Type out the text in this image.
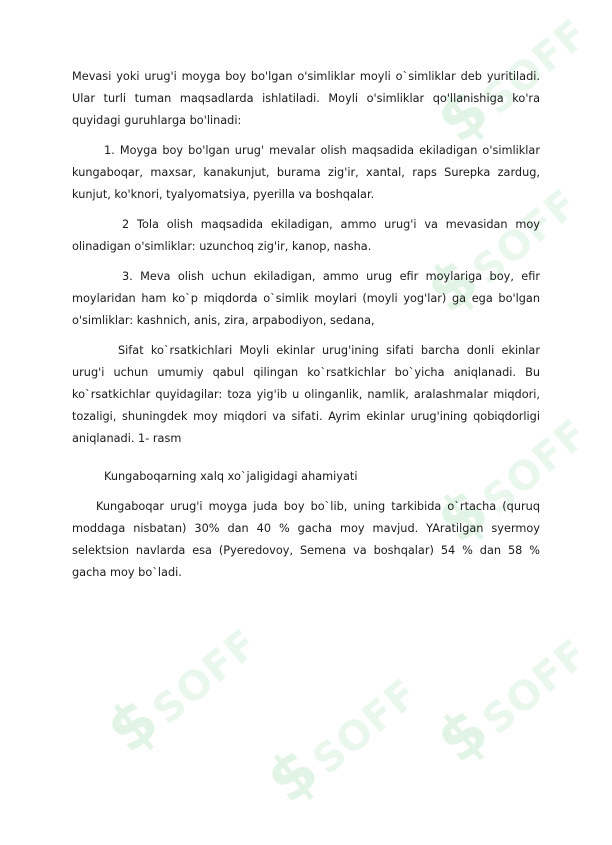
$
SOFF
$
SOFF
$
SOFF
$
SOFF
$
SOFF
$
SOFF

Mevasi yoki urug'i moyga boy bo'lgan o'simliklar moyli o`simliklar deb yuritiladi. Ular turli tuman maqsadlarda ishlatiladi. Moyli o'simliklar qo'llanishiga ko'ra quyidagi guruhlarga bo'linadi:

1. Moyga boy bo'lgan urug' mevalar olish maqsadida ekiladigan o'simliklar kungaboqar, maxsar, kanakunjut, burama zig'ir, xantal, raps Surepka zardug, kunjut, ko'knori, tyalyomatsiya, pyerilla va boshqalar.

2 Tola olish maqsadida ekiladigan, ammo urug'i va mevasidan moy olinadigan o'simliklar: uzunchoq zig'ir, kanop, nasha.

3. Meva olish uchun ekiladigan, ammo urug efir moylariga boy, efir moylaridan ham ko`p miqdorda o`simlik moylari (moyli yog'lar) ga ega bo'lgan o'simliklar: kashnich, anis, zira, arpabodiyon, sedana,

Sifat ko`rsatkichlari Moyli ekinlar urug'ining sifati barcha donli ekinlar urug'i uchun umumiy qabul qilingan ko`rsatkichlar bo`yicha aniqlanadi. Bu ko`rsatkichlar quyidagilar: toza yig'ib u olinganlik, namlik, aralashmalar miqdori, tozaligi, shuningdek moy miqdori va sifati. Ayrim ekinlar urug'ining qobiqdorligi aniqlanadi. 1- rasm

Kungaboqarning xalq xo`jaligidagi ahamiyati

Kungaboqar urug'i moyga juda boy bo`lib, uning tarkibida o`rtacha (quruq moddaga nisbatan) 30% dan 40 % gacha moy mavjud. YAratilgan syermoy selektsion navlarda esa (Pyeredovoy, Semena va boshqalar) 54 % dan 58 % gacha moy bo`ladi.
